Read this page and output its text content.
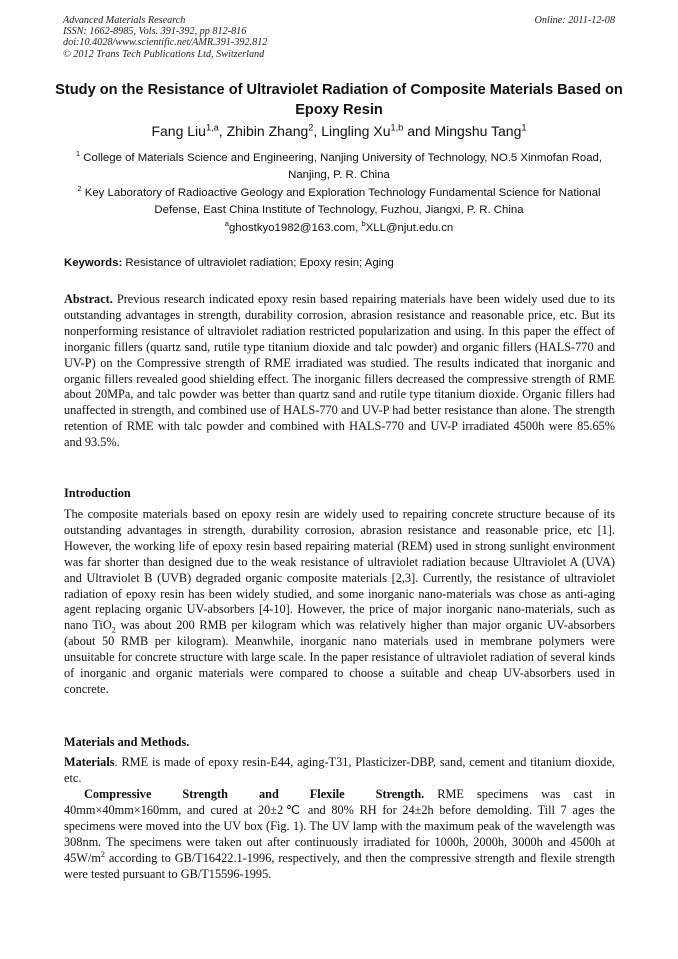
Advanced Materials Research
ISSN: 1662-8985, Vols. 391-392, pp 812-816
doi:10.4028/www.scientific.net/AMR.391-392.812
© 2012 Trans Tech Publications Ltd, Switzerland
Online: 2011-12-08
Study on the Resistance of Ultraviolet Radiation of Composite Materials Based on Epoxy Resin
Fang Liu$^{1,a}$, Zhibin Zhang$^2$, Lingling Xu$^{1,b}$ and Mingshu Tang$^1$
$^1$ College of Materials Science and Engineering, Nanjing University of Technology, NO.5 Xinmofan Road, Nanjing, P. R. China
$^2$ Key Laboratory of Radioactive Geology and Exploration Technology Fundamental Science for National Defense, East China Institute of Technology, Fuzhou, Jiangxi, P. R. China
$^a$ghostkyo1982@163.com, $^b$XLL@njut.edu.cn
Keywords: Resistance of ultraviolet radiation; Epoxy resin; Aging
Abstract. Previous research indicated epoxy resin based repairing materials have been widely used due to its outstanding advantages in strength, durability corrosion, abrasion resistance and reasonable price, etc. But its nonperforming resistance of ultraviolet radiation restricted popularization and using. In this paper the effect of inorganic fillers (quartz sand, rutile type titanium dioxide and talc powder) and organic fillers (HALS-770 and UV-P) on the Compressive strength of RME irradiated was studied. The results indicated that inorganic and organic fillers revealed good shielding effect. The inorganic fillers decreased the compressive strength of RME about 20MPa, and talc powder was better than quartz sand and rutile type titanium dioxide. Organic fillers had unaffected in strength, and combined use of HALS-770 and UV-P had better resistance than alone. The strength retention of RME with talc powder and combined with HALS-770 and UV-P irradiated 4500h were 85.65% and 93.5%.
Introduction
The composite materials based on epoxy resin are widely used to repairing concrete structure because of its outstanding advantages in strength, durability corrosion, abrasion resistance and reasonable price, etc [1]. However, the working life of epoxy resin based repairing material (REM) used in strong sunlight environment was far shorter than designed due to the weak resistance of ultraviolet radiation because Ultraviolet A (UVA) and Ultraviolet B (UVB) degraded organic composite materials [2,3]. Currently, the resistance of ultraviolet radiation of epoxy resin has been widely studied, and some inorganic nano-materials was chose as anti-aging agent replacing organic UV-absorbers [4-10]. However, the price of major inorganic nano-materials, such as nano TiO$_2$ was about 200 RMB per kilogram which was relatively higher than major organic UV-absorbers (about 50 RMB per kilogram). Meanwhile, inorganic nano materials used in membrane polymers were unsuitable for concrete structure with large scale. In the paper resistance of ultraviolet radiation of several kinds of inorganic and organic materials were compared to choose a suitable and cheap UV-absorbers used in concrete.
Materials and Methods.
Materials. RME is made of epoxy resin-E44, aging-T31, Plasticizer-DBP, sand, cement and titanium dioxide, etc.
Compressive Strength and Flexile Strength. RME specimens was cast in 40mm×40mm×160mm, and cured at 20±2℃ and 80% RH for 24±2h before demolding. Till 7 ages the specimens were moved into the UV box (Fig. 1). The UV lamp with the maximum peak of the wavelength was 308nm. The specimens were taken out after continuously irradiated for 1000h, 2000h, 3000h and 4500h at $45W/m^2$ according to GB/T16422.1-1996, respectively, and then the compressive strength and flexile strength were tested pursuant to GB/T15596-1995.
